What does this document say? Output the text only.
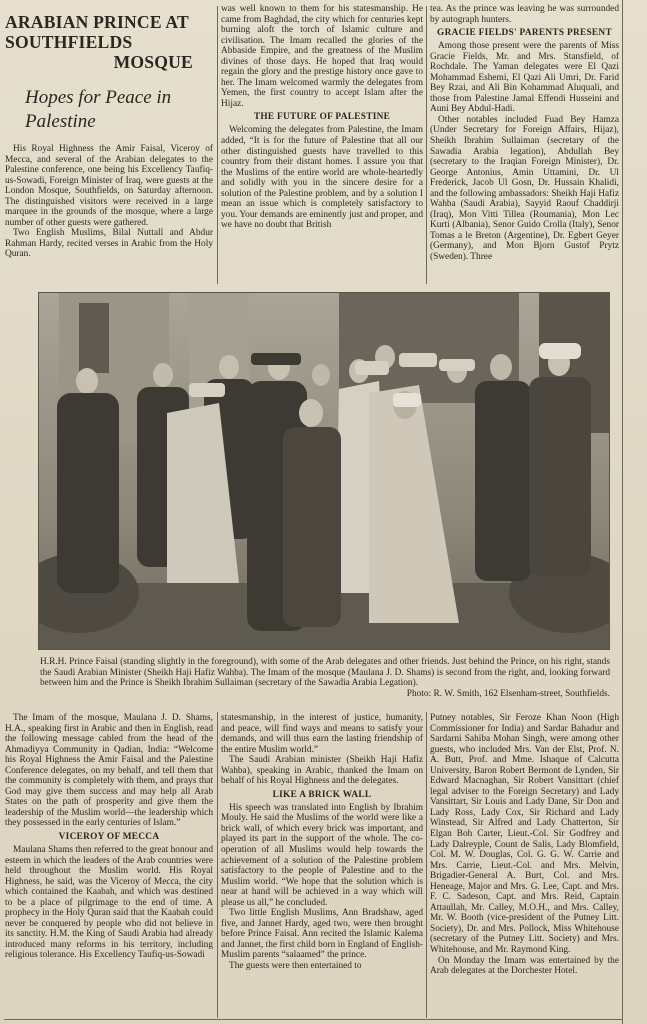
ARABIAN PRINCE AT
SOUTHFIELDS
MOSQUE
Hopes for Peace in
Palestine

His Royal Highness the Amir Faisal, Viceroy of Mecca, and several of the Arabian delegates to the Palestine conference, one being his Excellency Taufiq-us-Sowadi, Foreign Minister of Iraq, were guests at the London Mosque, Southfields, on Saturday afternoon. The distinguished visitors were received in a large marquee in the grounds of the mosque, where a large number of other guests were gathered.

Two English Muslims, Bilal Nuttall and Abdur Rahman Hardy, recited verses in Arabic from the Holy Quran.

was well known to them for his statesmanship. He came from Baghdad, the city which for centuries kept burning aloft the torch of Islamic culture and civilisation. The Imam recalled the glories of the Abbaside Empire, and the greatness of the Muslim divines of those days. He hoped that Iraq would regain the glory and the prestige history once gave to her. The Imam welcomed warmly the delegates from Yemen, the first country to accept Islam after the Hijaz.

THE FUTURE OF PALESTINE

Welcoming the delegates from Palestine, the Imam added, “It is for the future of Palestine that all our other distinguished guests have travelled to this country from their distant homes. I assure you that the Muslims of the entire world are whole-heartedly and solidly with you in the sincere desire for a solution of the Palestine problem, and by a solution I mean an issue which is completely satisfactory to you. Your demands are eminently just and proper, and we have no doubt that British

tea. As the prince was leaving he was surrounded by autograph hunters.

GRACIE FIELDS' PARENTS PRESENT

Among those present were the parents of Miss Gracie Fields, Mr. and Mrs. Stansfield, of Rochdale. The Yaman delegates were El Qazi Mohammad Eshemi, El Qazi Ali Umri, Dr. Farid Bey Rzai, and Ali Bin Kohammad Aluquali, and those from Palestine Jamal Effendi Husseini and Auni Bey Abdul-Hadi.

Other notables included Fuad Bey Hamza (Under Secretary for Foreign Affairs, Hijaz), Sheikh Ibrahim Sullaiman (secretary of the Sawadia Arabia legation), Abdullah Bey (secretary to the Iraqian Foreign Minister), Dr. George Antonius, Amin Uttamini, Dr. Ul Frederick, Jacob Ul Gosn, Dr. Hussain Khalidi, and the following ambassadors: Sheikh Haji Hafiz Wahba (Saudi Arabia), Sayyid Raouf Chaddirji (Iraq), Mon Vitti Tillea (Roumania), Mon Lec Kurti (Albania), Senor Guido Crolla (Italy), Senor Tomas a le Breton (Argentine), Dr. Egbert Geyer (Germany), and Mon Bjorn Gustof Prytz (Sweden). Three

H.R.H. Prince Faisal (standing slightly in the foreground), with some of the Arab delegates and other friends. Just behind the Prince, on his right, stands the Saudi Arabian Minister (Sheikh Haji Hafiz Wahba). The Imam of the mosque (Maulana J. D. Shams) is second from the right, and, looking forward between him and the Prince is Sheikh Ibrahim Sullaiman (secretary of the Sawadia Arabia Legation).
Photo: R. W. Smith, 162 Elsenham-street, Southfields.

The Imam of the mosque, Maulana J. D. Shams, H.A., speaking first in Arabic and then in English, read the following message cabled from the head of the Ahmadiyya Community in Qadian, India: “Welcome his Royal Highness the Amir Faisal and the Palestine Conference delegates, on my behalf, and tell them that the community is completely with them, and prays that God may give them success and may help all Arab States on the path of prosperity and give them the leadership of the Muslim world—the leadership which they possessed in the early centuries of Islam.”

VICEROY OF MECCA

Maulana Shams then referred to the great honour and esteem in which the leaders of the Arab countries were held throughout the Muslim world. His Royal Highness, he said, was the Viceroy of Mecca, the city which contained the Kaabah, and which was destined to be a place of pilgrimage to the end of time. A prophecy in the Holy Quran said that the Kaabah could never be conquered by people who did not believe in its sanctity. H.M. the King of Saudi Arabia had already introduced many reforms in his territory, including religious tolerance. His Excellency Taufiq-us-Sowadi

statesmanship, in the interest of justice, humanity, and peace, will find ways and means to satisfy your demands, and will thus earn the lasting friendship of the entire Muslim world.”

The Saudi Arabian minister (Sheikh Haji Hafiz Wahba), speaking in Arabic, thanked the Imam on behalf of his Royal Highness and the delegates.

LIKE A BRICK WALL

His speech was translated into English by Ibrahim Mouly. He said the Muslims of the world were like a brick wall, of which every brick was important, and played its part in the support of the whole. The co-operation of all Muslims would help towards the achievement of a solution of the Palestine problem satisfactory to the people of Palestine and to the Muslim world. “We hope that the solution which is near at hand will be achieved in a way which will please us all,” he concluded.

Two little English Muslims, Ann Bradshaw, aged five, and Jannet Hardy, aged two, were then brought before Prince Faisal. Ann recited the Islamic Kalema and Jannet, the first child born in England of English-Muslim parents “salaamed” the prince.

The guests were then entertained to

Putney notables, Sir Feroze Khan Noon (High Commissioner for India) and Sardar Bahadur and Sardarni Sahiba Mohan Singh, were among other guests, who included Mrs. Van der Elst, Prof. N. A. Butt, Prof. and Mme. Ishaque of Calcutta University, Baron Robert Bermont de Lynden, Sir Edward Macnaghan, Sir Robert Vansittart (chief legal adviser to the Foreign Secretary) and Lady Vansittart, Sir Louis and Lady Dane, Sir Don and Lady Ross, Lady Cox, Sir Richard and Lady Winstead, Sir Alfred and Lady Chatterton, Sir Elgan Boh Carter, Lieut.-Col. Sir Godfrey and Lady Dalreyple, Count de Salis, Lady Blomfield, Col. M. W. Douglas, Col. G. G. W. Carrie and Mrs. Carrie, Lieut.-Col. and Mrs. Melvin, Brigadier-General A. Burt, Col. and Mrs. Heneage, Major and Mrs. G. Lee, Capt. and Mrs. F. C. Sadeson, Capt. and Mrs. Reid, Captain Attaullah, Mr. Calley, M.O.H., and Mrs. Calley, Mr. W. Booth (vice-president of the Putney Litt. Society), Dr. and Mrs. Pollock, Miss Whitehouse (secretary of the Putney Litt. Society) and Mrs. Whitehouse, and Mr. Raymond King.

On Monday the Imam was entertained by the Arab delegates at the Dorchester Hotel.
